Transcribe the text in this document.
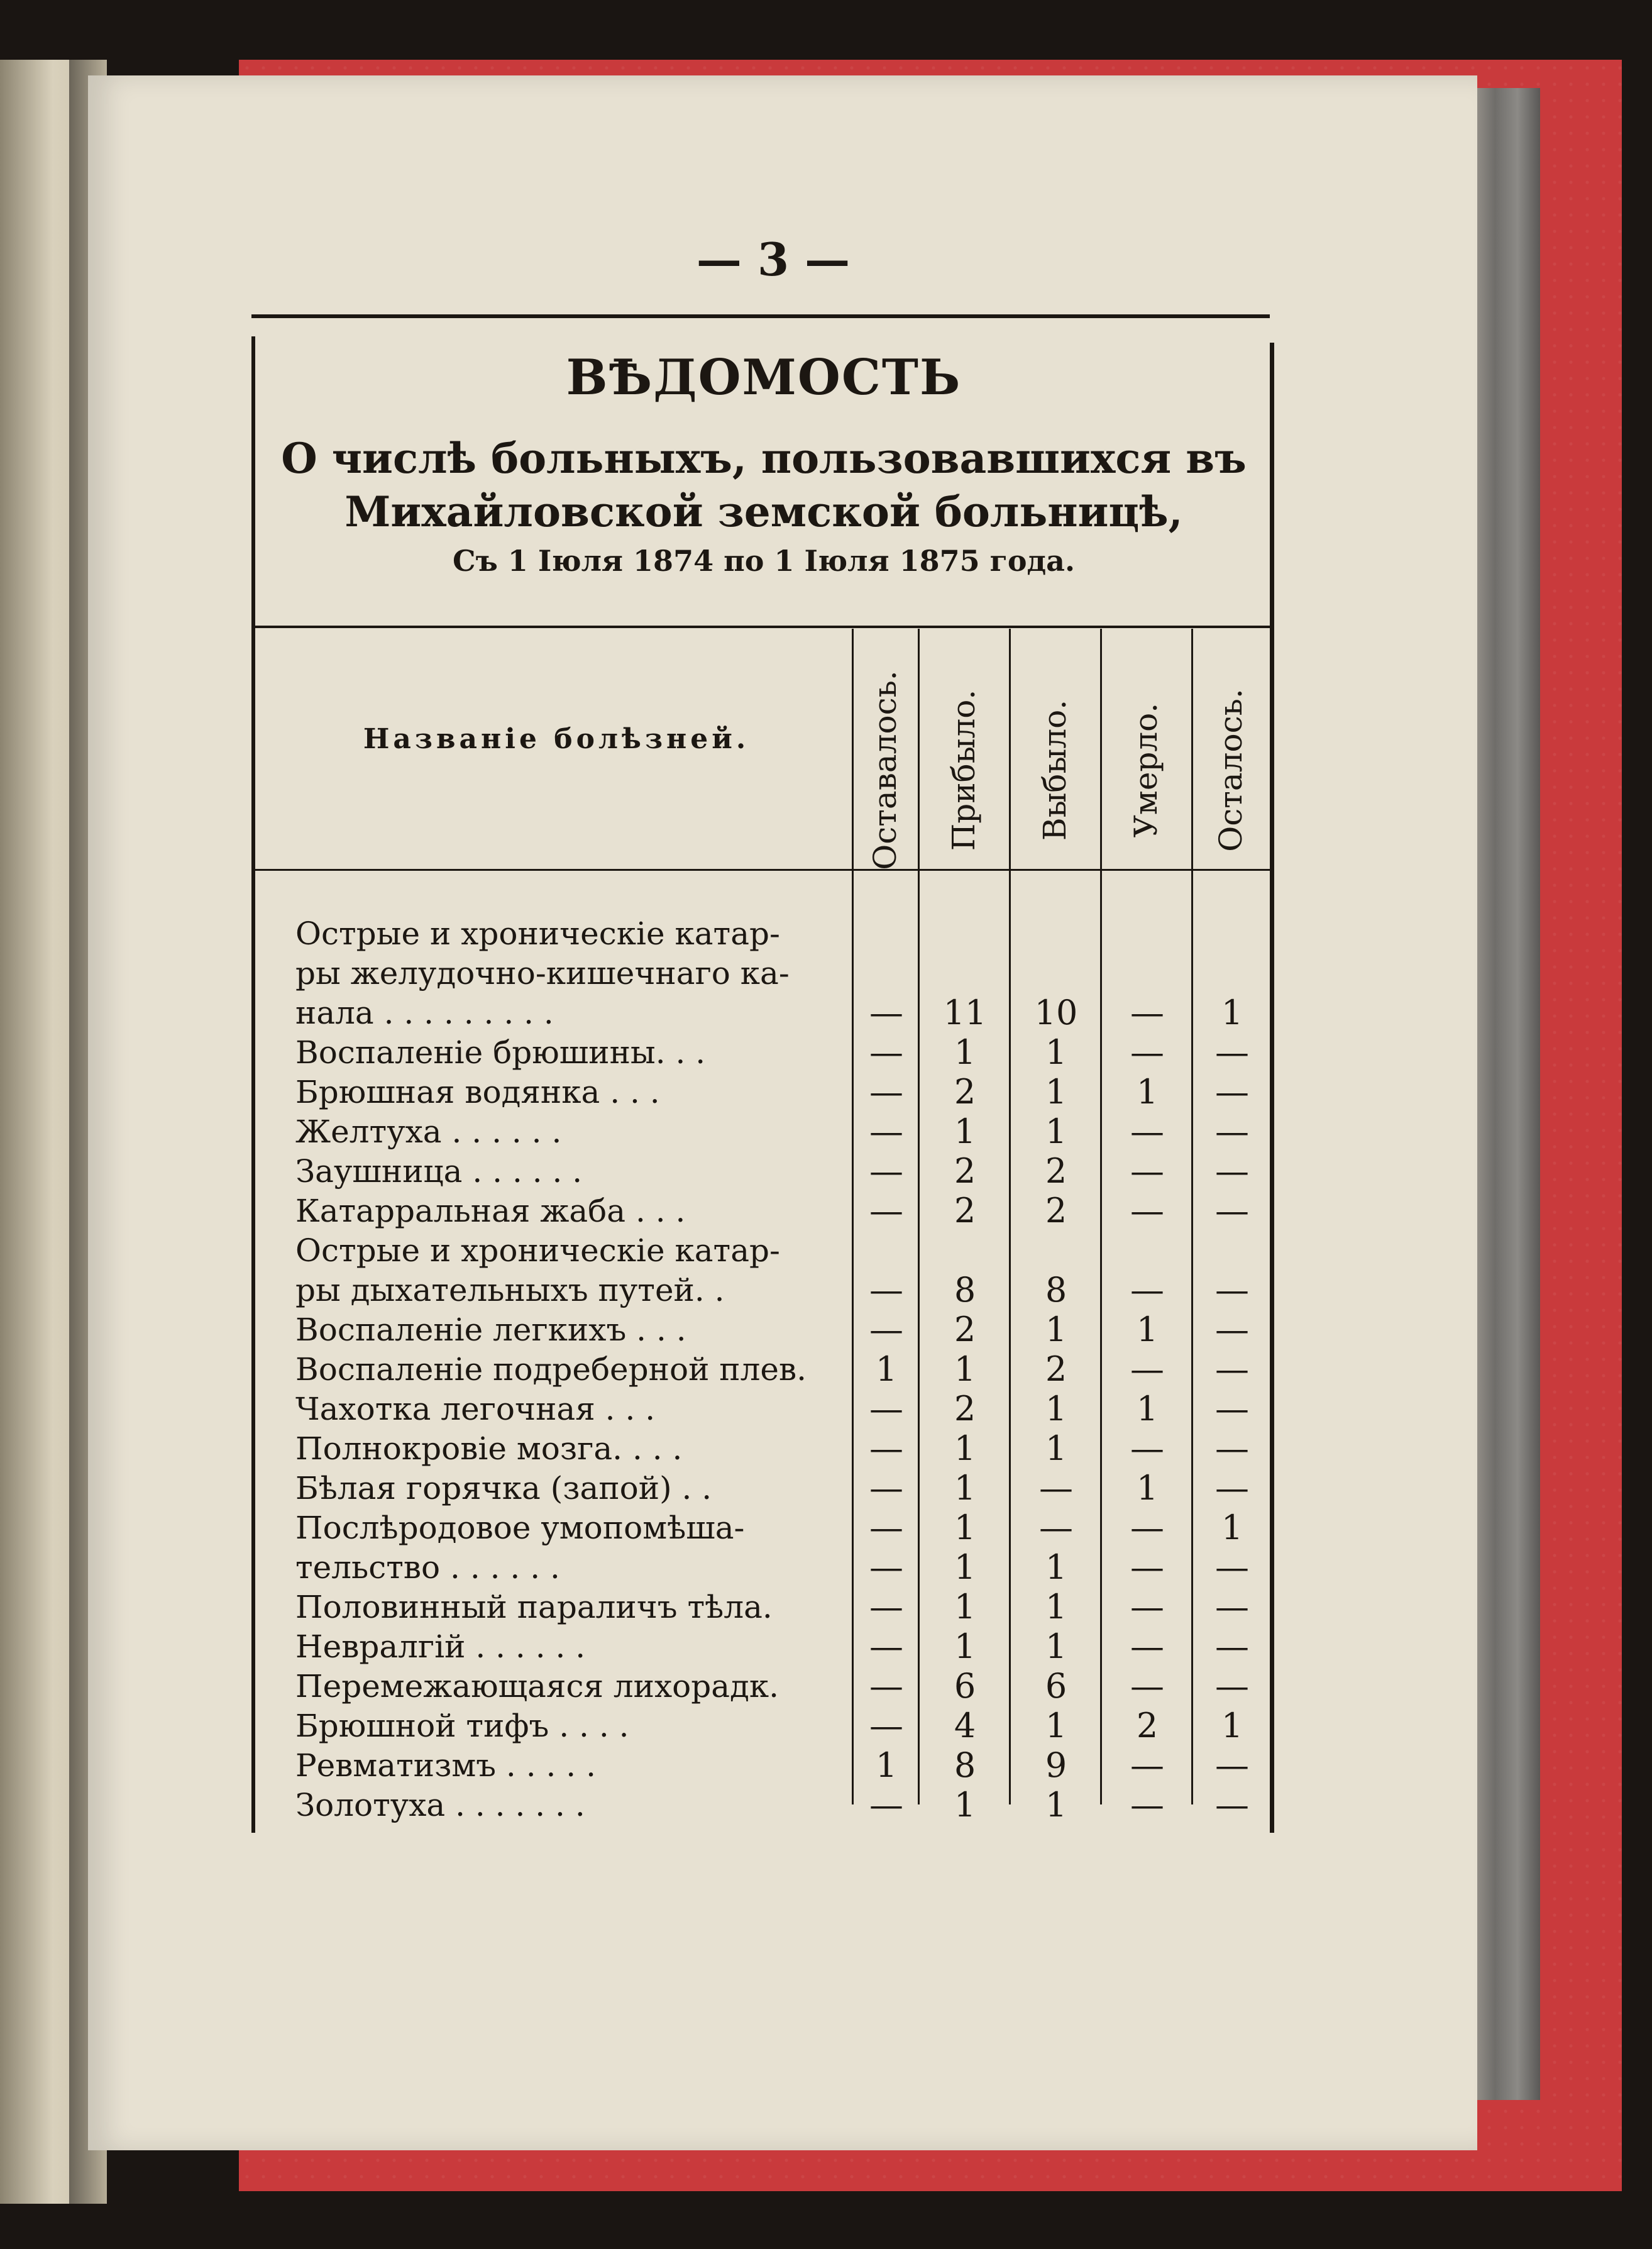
— 3 —
ВѢДОМОСТЬ
О числѣ больныхъ, пользовавшихся въ
Михайловской земской больницѣ,
Съ 1 Іюля 1874 по 1 Іюля 1875 года.
Названіе болѣзней.	Оставалось. Прибыло. Выбыло. Умерло. Осталось.
Острые и хроническіе катар-
ры желудочно-кишечнаго ка-
нала . . . . . . . . .	—	11	10	—	1
Воспаленіе брюшины. . .	—	1	1	—	—
Брюшная водянка . . .	—	2	1	1	—
Желтуха . . . . . .	—	1	1	—	—
Заушница . . . . . .	—	2	2	—	—
Катарральная жаба . . .	—	2	2	—	—
Острые и хроническіе катар-
ры дыхательныхъ путей. .	—	8	8	—	—
Воспаленіе легкихъ . . .	—	2	1	1	—
Воспаленіе подреберной плев.	1	1	2	—	—
Чахотка легочная . . .	—	2	1	1	—
Полнокровіе мозга. . . .	—	1	1	—	—
Бѣлая горячка (запой) . .	—	1	—	1	—
Послѣродовое умопомѣша-	—	1	—	—	1
тельство . . . . . .	—	1	1	—	—
Половинный параличъ тѣла.	—	1	1	—	—
Невралгій . . . . . .	—	1	1	—	—
Перемежающаяся лихорадк.	—	6	6	—	—
Брюшной тифъ . . . .	—	4	1	2	1
Ревматизмъ . . . . .	1	8	9	—	—
Золотуха . . . . . . .	—	1	1	—	—
